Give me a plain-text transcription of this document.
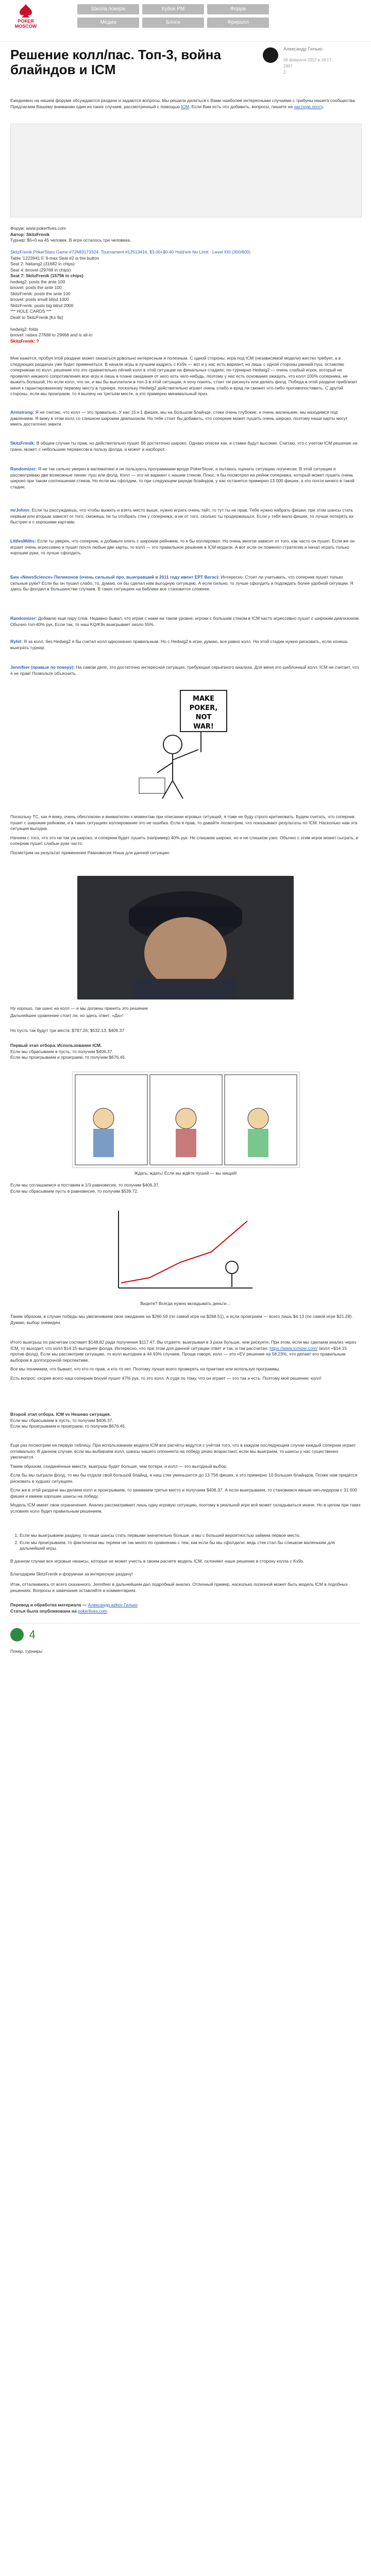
РОКЕЯ
MOSCOW
Школа покера	Кубок PM	Форум
Медиа	Блоги	Фриролл
Решение колл/пас. Топ-3, война блайндов и ICM
Александр Гилько
06 февраля 2012 в 18:17
2997
2
Ежедневно на нашем форуме обсуждаются раздачи и задаются вопросы. Мы решили делиться с Вами наиболее интересными случаями с трибуны нашего сообщества. Предлагаем Вашему вниманию один из таких случаев, рассмотренный с помощью ICM. Если Вам есть что добавить, вопросы, пишите на частную почту.
Форум: www.pokerfives.com
Автор: SkitzFrenik
Турнир: $5+0 на 45 человек. В игре осталось три человека.
SkitzFrenik PokerStars Game #72683173324: Tournament #12513416, $3.00+$0.40 Hold'em No Limit - Level XIII (300/600)
Table '1223941 5' 9-max Seat #2 is the button
Seat 2: haitang2 (31682 in chips)
Seat 4: bnovel (29768 in chips)
Seat 7: SkitzFrenik (15756 in chips)
hedwig2: posts the ante 100
bnovel: posts the ante 100
SkitzFrenik: posts the ante 100
bnovel: posts small blind 1000
SkitzFrenik: posts big blind 2000
*** HOLE CARDS ***
Dealt to SkitzFrenik [Ks 9s]
hedwig2: folds
bnovel: raises 27668 to 29668 and is all-in
SkitzFrenik: ?

Мне кажется, пробуя этой раздаче может оказаться довольно интересным и полезным. С одной стороны, игра под ICM (независимой модели) жестко требует, а в следующих раздачах уже будет применяться. В начале игры в лучшем кадрить с Kx9x — вот и у нас есть вариант, но лишь с одной стороны ранний пуш, оставляю соперникам по колл, решение что это сравнительно лёгкий колл в этой ситуации на финальных стадиях; по-турнирно Hedwig2 — очень слабый игрок, который не проявлял никакого сопротивления всю игру и лишь в плане ожидания от него хоть чего-нибудь, поэтому у нас есть основания ожидать, что колл 100% соперника, не выжить большой. Но если колл, что он, и мы бы выплатили в топ-3 в этой ситуации, я хочу понять, стоит ли рискнуть или делать фолд. Победа в этой раздаче приблизит меня к гарантированному первому месту в турнире, поскольку Hedwig2 действительно играет очень слабо и вряд ли сможет что-либо противопоставить. С другой стороны, если мы проиграем, то я вылечу на третьем месте, а это примерно минимальный приз.

Armstrong: Я не считаю, что колл — это правильно. У нас 15 к 1 фишек, мы на большом блайнде, стеки очень глубокие, и очень маленькие, мы находимся под давлением. Я вижу в этом колл со слишком широким диапазоном. Но тебе стоит бы добавить, что соперник может пушить очень широко, поэтому наши карты могут иметь достаточно эквити.

SkitzFrenik: В общем случае ты прав, но действительно пушит бб достаточно широко. Однако опасен как, и ставки будут высокие. Считаю, что с учетом ICM решение на грани, может, с небольшим перевесом в пользу фолда, а может и наоборот.

Randomizer: Я не так сильно уверен в математике и не пользуюсь программами вроде PokerStove, а пытаюсь оценить ситуацию логически. В этой ситуации я рассматриваю две возможные линии: пуш или фолд. Колл — это не вариант с нашим стеком. Плюс, я бы посмотрел на рейнж соперника, который может пушить очень широко при таком соотношении стеков. Но если мы сфолдим, то при следующем раунде блайндов, у нас останется примерно 13 000 фишек, а это почти ничего в такой стадии.

mrJohnn: Если ты рассуждаешь, что чтобы выжить и взять место выше, нужно играть очень тайт, то тут ты не прав. Тебе нужно набрать фишки, при этом шансы стать первым или вторым зависят от того, сможешь ли ты отобрать стек у соперника, а не от того, сколько ты продержишься. Если у тебя мало фишек, то лучше потерять их быстрее и с хорошими картами.

LittlesMiths: Если ты уверен, что соперник, а добавьте опять с широким рейнжем, то я бы коллировал. Но очень многое зависит от того, как часто он пушит. Если же он играет очень агрессивно и пушит почти любые две карты, то колл — это правильное решение в ICM-модели. А вот если он поменял стратегию и начал играть только хорошие руки, то лучше сфолдить.

Бин «NewsScience» Пиликонов (очень сильный про, выигравший в 2011 году ивент EPT Вегас): Интересно. Стоит ли учитывать, что соперник пушит только сильные руки? Если бы он пушил слабо, то, думаю, он бы сделал нам выгодную ситуацию. А если сильно, то лучше сфолдить и подождать более удобной ситуации. Я здесь бы фолдил в большинстве случаев. В таких ситуациях на баблике все становится сложнее.

Randomizer: Добавлю еще пару слов. Недавно бывал, что играя с нами на таком уровне, игроки с большим стеком в ICM часто агрессивно пушат с широким диапазоном. Обычно топ-40% рук. Если так, то наш KQ/K9s выигрывает около 55%.

Ryhil: Я за колл, без Hedwig2 я бы считал колл однозначно правильным. Но с Hedwig2 в игре, думаю, все равно колл. На этой стадии нужно рисковать, если хочешь выиграть турнир.

Jennifeer (правые по покеру): На самом деле, это достаточно интересная ситуация, требующая серьёзного анализа. Для меня это шаблонный колл. ICM не считает, что я не прав! Позвольте объяснить.

MAKE
POKER,
NOT
WAR!

Поскольку TC, как я вижу, очень обеспокоен и внимателен к моментам при описании игровых ситуаций, я тоже не буду строго критиковать. Будем считать, что соперник пушит с широким рейнжем, и в таких ситуациях коллирование это не ошибка. Если я прав, то давайте посмотрим, что показывают результаты по ICM. Насколько нам эта ситуация выгодна.

Начнем с того, что это не так уж широко, и соперник будет пушить (например) 40% рук. Не слишком широко, но и не слишком узко. Обычно с этим игрок может сыграть, и соперник пушит слабые руки часто.

Посмотрим на результат применения Равновесия Нэша для данной ситуации:

Ну хорошо, так шанс на колл — и мы должны принять это решение
Дальнейшее сравнение стоит ли, но здесь ответ: «Да»!
Но пусть так будут три места: $787.26, $532.13, $406.37
Первый этап отбора. Использование ICM.
Если мы сбрасываем в пусть, то получим $406.37.
Если мы проигрываем и проиграем, то получим $676.45.
Ждать, ждать! Если вы ждёте пушей — вы нищий!
Если мы соглашаемся и поставим в 1/3 равновесия, то получим $406.37.
Если мы сбрасываем пусть в равновесие, то получим $539.72.
Видите? Всегда нужно вкладывать деньги…
Таким образом, в случае победы мы увеличиваем свое ожидание на $260.59 (по самой игре на $268.51), а если проиграем — всего лишь $4.13 (по самой игре $21.28). Думаю, выбор очевиден.

Итого выигрыш по расчетам составит $148.82 ради получения $117.47. Вы отдаете, выигрывая в 3 раза больше, чем рискуете. При этом, если мы сделаем анализ через ICM, то выходит, что колл $14.15 выгоднее фолда. Интересно, что при этом для данной ситуации ответ и так, и так рассчитан: https://www.icmizer.com/ (колл +$14.15 против фолд). Если мы рассмотрим ситуацию, то колл выгоднее в 44.93% случаев. Проще говоря, колл — это +EV решение на 58,23%, что делает его правильным выбором в долгосрочной перспективе.

Все мы понимаем, что бывает, что кто-то прав, а кто-то нет. Поэтому лучше всего проверять на практике или используя программы.

Есть вопрос: скорее всего наш соперник bnovel пушит 47% рук, то это колл. А судя по тому, что он играет — это так и есть. Поэтому моё решение: колл!

Второй этап отбора. ICM vs Нешево ситуация.
Если мы сбрасываем в пусть, то получим $406.37.
Если мы проигрываем и проиграем, то получим $676.45.

Еще раз посмотрим на первую таблицу. При использовании модели ICM все расчёты ведутся с учётом того, что в каждом последующем случае каждый соперник играет оптимально. В данном случае, если мы выбираем колл, шансы нашего оппонента на победу резко возрастают, если мы выиграем, то шансы у нас существенно увеличатся.

Таким образом, соединённые вместе, выигрыш будет больше, чем потери, и колл — это выгодный выбор.

Если бы мы сыграли фолд, то мы бы отдали свой большой блайнд, и наш стек уменьшится до 13 756 фишек, и это примерно 10 больших блайндов. Позже нам придётся рисковать в худших ситуациях.

Если же в этой раздаче мы делаем колл и проигрываем, то занимаем третье место и получаем $406.37. А если выигрываем, то становимся явным чип-лидером с 31 000 фишек и имеем хорошие шансы на победу.

Модель ICM имеет свои ограничения. Анализ рассматривает лишь одну игровую ситуацию, поэтому в реальной игре всё может складываться иначе. Но в целом при таких условиях колл будет правильным решением.

1. Если мы выигрываем раздачу, то наши шансы стать первыми значительно больше, и мы с большей вероятностью займем первое место.
2. Если мы проигрываем, то фактически мы теряем не так много по сравнению с тем, как если бы мы сфолдили: ведь стек стал бы слишком маленьким для дальнейшей игры.
В данном случае все игровые нюансы, которые не может учесть в своем расчете модель ICM, склоняют наше решение в сторону колла с Kx9s.
Благодарим SkitzFrenik и форумчан за интересную раздачу!
Итак, отталкиваясь от всего сказанного, Jennifeer в дальнейшем дал подробный анализ. Отличный пример, насколько полезной может быть модель ICM в подобных решениях. Вопросы и замечания оставляйте в комментариях.
Перевод и обработка материала — Александр azkov Гилько
Статья была опубликована на pokerfives.com
4
Покер, турниры
